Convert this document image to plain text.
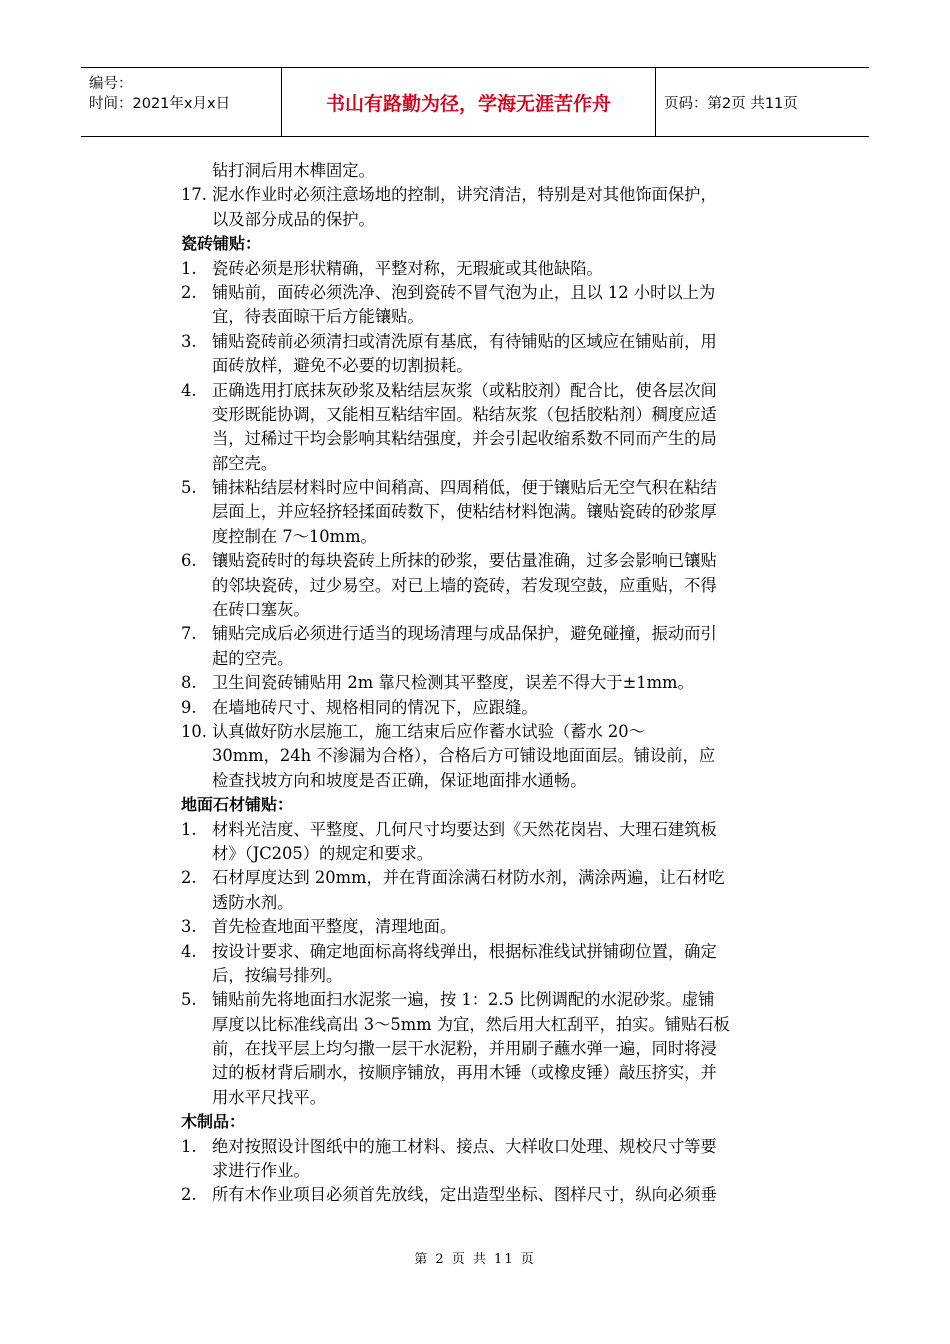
编号：
时间：2021年x月x日	书山有路勤为径，学海无涯苦作舟	页码：第2页 共11页
钻打洞后用木榫固定。
17. 泥水作业时必须注意场地的控制，讲究清洁，特别是对其他饰面保护，
以及部分成品的保护。
瓷砖铺贴：
1. 瓷砖必须是形状精确，平整对称，无瑕疵或其他缺陷。
2. 铺贴前，面砖必须洗净、泡到瓷砖不冒气泡为止，且以 12 小时以上为
宜，待表面晾干后方能镶贴。
3. 铺贴瓷砖前必须清扫或清洗原有基底，有待铺贴的区域应在铺贴前，用
面砖放样，避免不必要的切割损耗。
4. 正确选用打底抹灰砂浆及粘结层灰浆（或粘胶剂）配合比，使各层次间
变形既能协调，又能相互粘结牢固。粘结灰浆（包括胶粘剂）稠度应适
当，过稀过干均会影响其粘结强度，并会引起收缩系数不同而产生的局
部空壳。
5. 铺抹粘结层材料时应中间稍高、四周稍低，便于镶贴后无空气积在粘结
层面上，并应轻挤轻揉面砖数下，使粘结材料饱满。镶贴瓷砖的砂浆厚
度控制在 7～10mm。
6. 镶贴瓷砖时的每块瓷砖上所抹的砂浆，要估量准确，过多会影响已镶贴
的邻块瓷砖，过少易空。对已上墙的瓷砖，若发现空鼓，应重贴，不得
在砖口塞灰。
7. 铺贴完成后必须进行适当的现场清理与成品保护，避免碰撞，振动而引
起的空壳。
8. 卫生间瓷砖铺贴用 2m 靠尺检测其平整度，误差不得大于±1mm。
9. 在墙地砖尺寸、规格相同的情况下，应跟缝。
10. 认真做好防水层施工，施工结束后应作蓄水试验（蓄水 20～
30mm，24h 不渗漏为合格），合格后方可铺设地面面层。铺设前，应
检查找坡方向和坡度是否正确，保证地面排水通畅。
地面石材铺贴：
1. 材料光洁度、平整度、几何尺寸均要达到《天然花岗岩、大理石建筑板
材》（JC205）的规定和要求。
2. 石材厚度达到 20mm，并在背面涂满石材防水剂，满涂两遍，让石材吃
透防水剂。
3. 首先检查地面平整度，清理地面。
4. 按设计要求、确定地面标高将线弹出，根据标准线试拼铺砌位置，确定
后，按编号排列。
5. 铺贴前先将地面扫水泥浆一遍，按 1：2.5 比例调配的水泥砂浆。虚铺
厚度以比标准线高出 3～5mm 为宜，然后用大杠刮平，拍实。铺贴石板
前，在找平层上均匀撒一层干水泥粉，并用刷子蘸水弹一遍，同时将浸
过的板材背后刷水，按顺序铺放，再用木锤（或橡皮锤）敲压挤实，并
用水平尺找平。
木制品：
1. 绝对按照设计图纸中的施工材料、接点、大样收口处理、规校尺寸等要
求进行作业。
2. 所有木作业项目必须首先放线，定出造型坐标、图样尺寸，纵向必须垂
第 2 页 共 11 页
